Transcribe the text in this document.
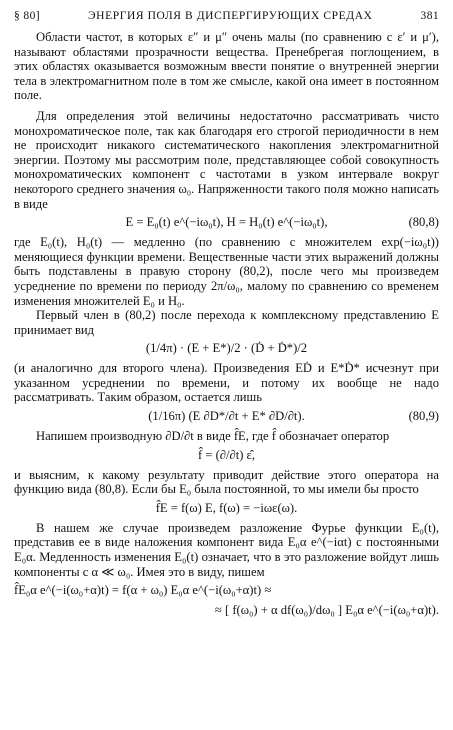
§ 80]	ЭНЕРГИЯ ПОЛЯ В ДИСПЕРГИРУЮЩИХ СРЕДАХ	381

Области частот, в которых ε″ и μ″ очень малы (по сравнению с ε′ и μ′), называют областями прозрачности вещества. Пренебрегая поглощением, в этих областях оказывается возможным ввести понятие о внутренней энергии тела в электромагнитном поле в том же смысле, какой она имеет в постоянном поле.

Для определения этой величины недостаточно рассматривать чисто монохроматическое поле, так как благодаря его строгой периодичности в нем не происходит никакого систематического накопления электромагнитной энергии. Поэтому мы рассмотрим поле, представляющее собой совокупность монохроматических компонент с частотами в узком интервале вокруг некоторого среднего значения ω₀. Напряженности такого поля можно написать в виде

E = E₀(t) e^(−iω₀t), H = H₀(t) e^(−iω₀t),	(80,8)

где E₀(t), H₀(t) — медленно (по сравнению с множителем exp(−iω₀t)) меняющиеся функции времени. Вещественные части этих выражений должны быть подставлены в правую сторону (80,2), после чего мы произведем усреднение по времени по периоду 2π/ω₀, малому по сравнению со временем изменения множителей E₀ и H₀.

Первый член в (80,2) после перехода к комплексному представлению E принимает вид

(1/4π) · (E + E*)/2 · (Ḋ + Ḋ*)/2

(и аналогично для второго члена). Произведения EḊ и E*Ḋ* исчезнут при указанном усреднении по времени, и потому их вообще не надо рассматривать. Таким образом, остается лишь

(1/16π) (E ∂D*/∂t + E* ∂D/∂t).	(80,9)

Напишем производную ∂D/∂t в виде f̂E, где f̂ обозначает оператор

f̂ = (∂/∂t) ε̂,

и выясним, к какому результату приводит действие этого оператора на функцию вида (80,8). Если бы E₀ была постоянной, то мы имели бы просто

f̂E = f(ω) E, f(ω) = −iωε(ω).

В нашем же случае произведем разложение Фурье функции E₀(t), представив ее в виде наложения компонент вида E₀α e^(−iαt) с постоянными E₀α. Медленность изменения E₀(t) означает, что в это разложение войдут лишь компоненты с α ≪ ω₀. Имея это в виду, пишем

f̂E₀α e^(−i(ω₀+α)t) = f(α + ω₀) E₀α e^(−i(ω₀+α)t) ≈
≈ [ f(ω₀) + α df(ω₀)/dω₀ ] E₀α e^(−i(ω₀+α)t).
